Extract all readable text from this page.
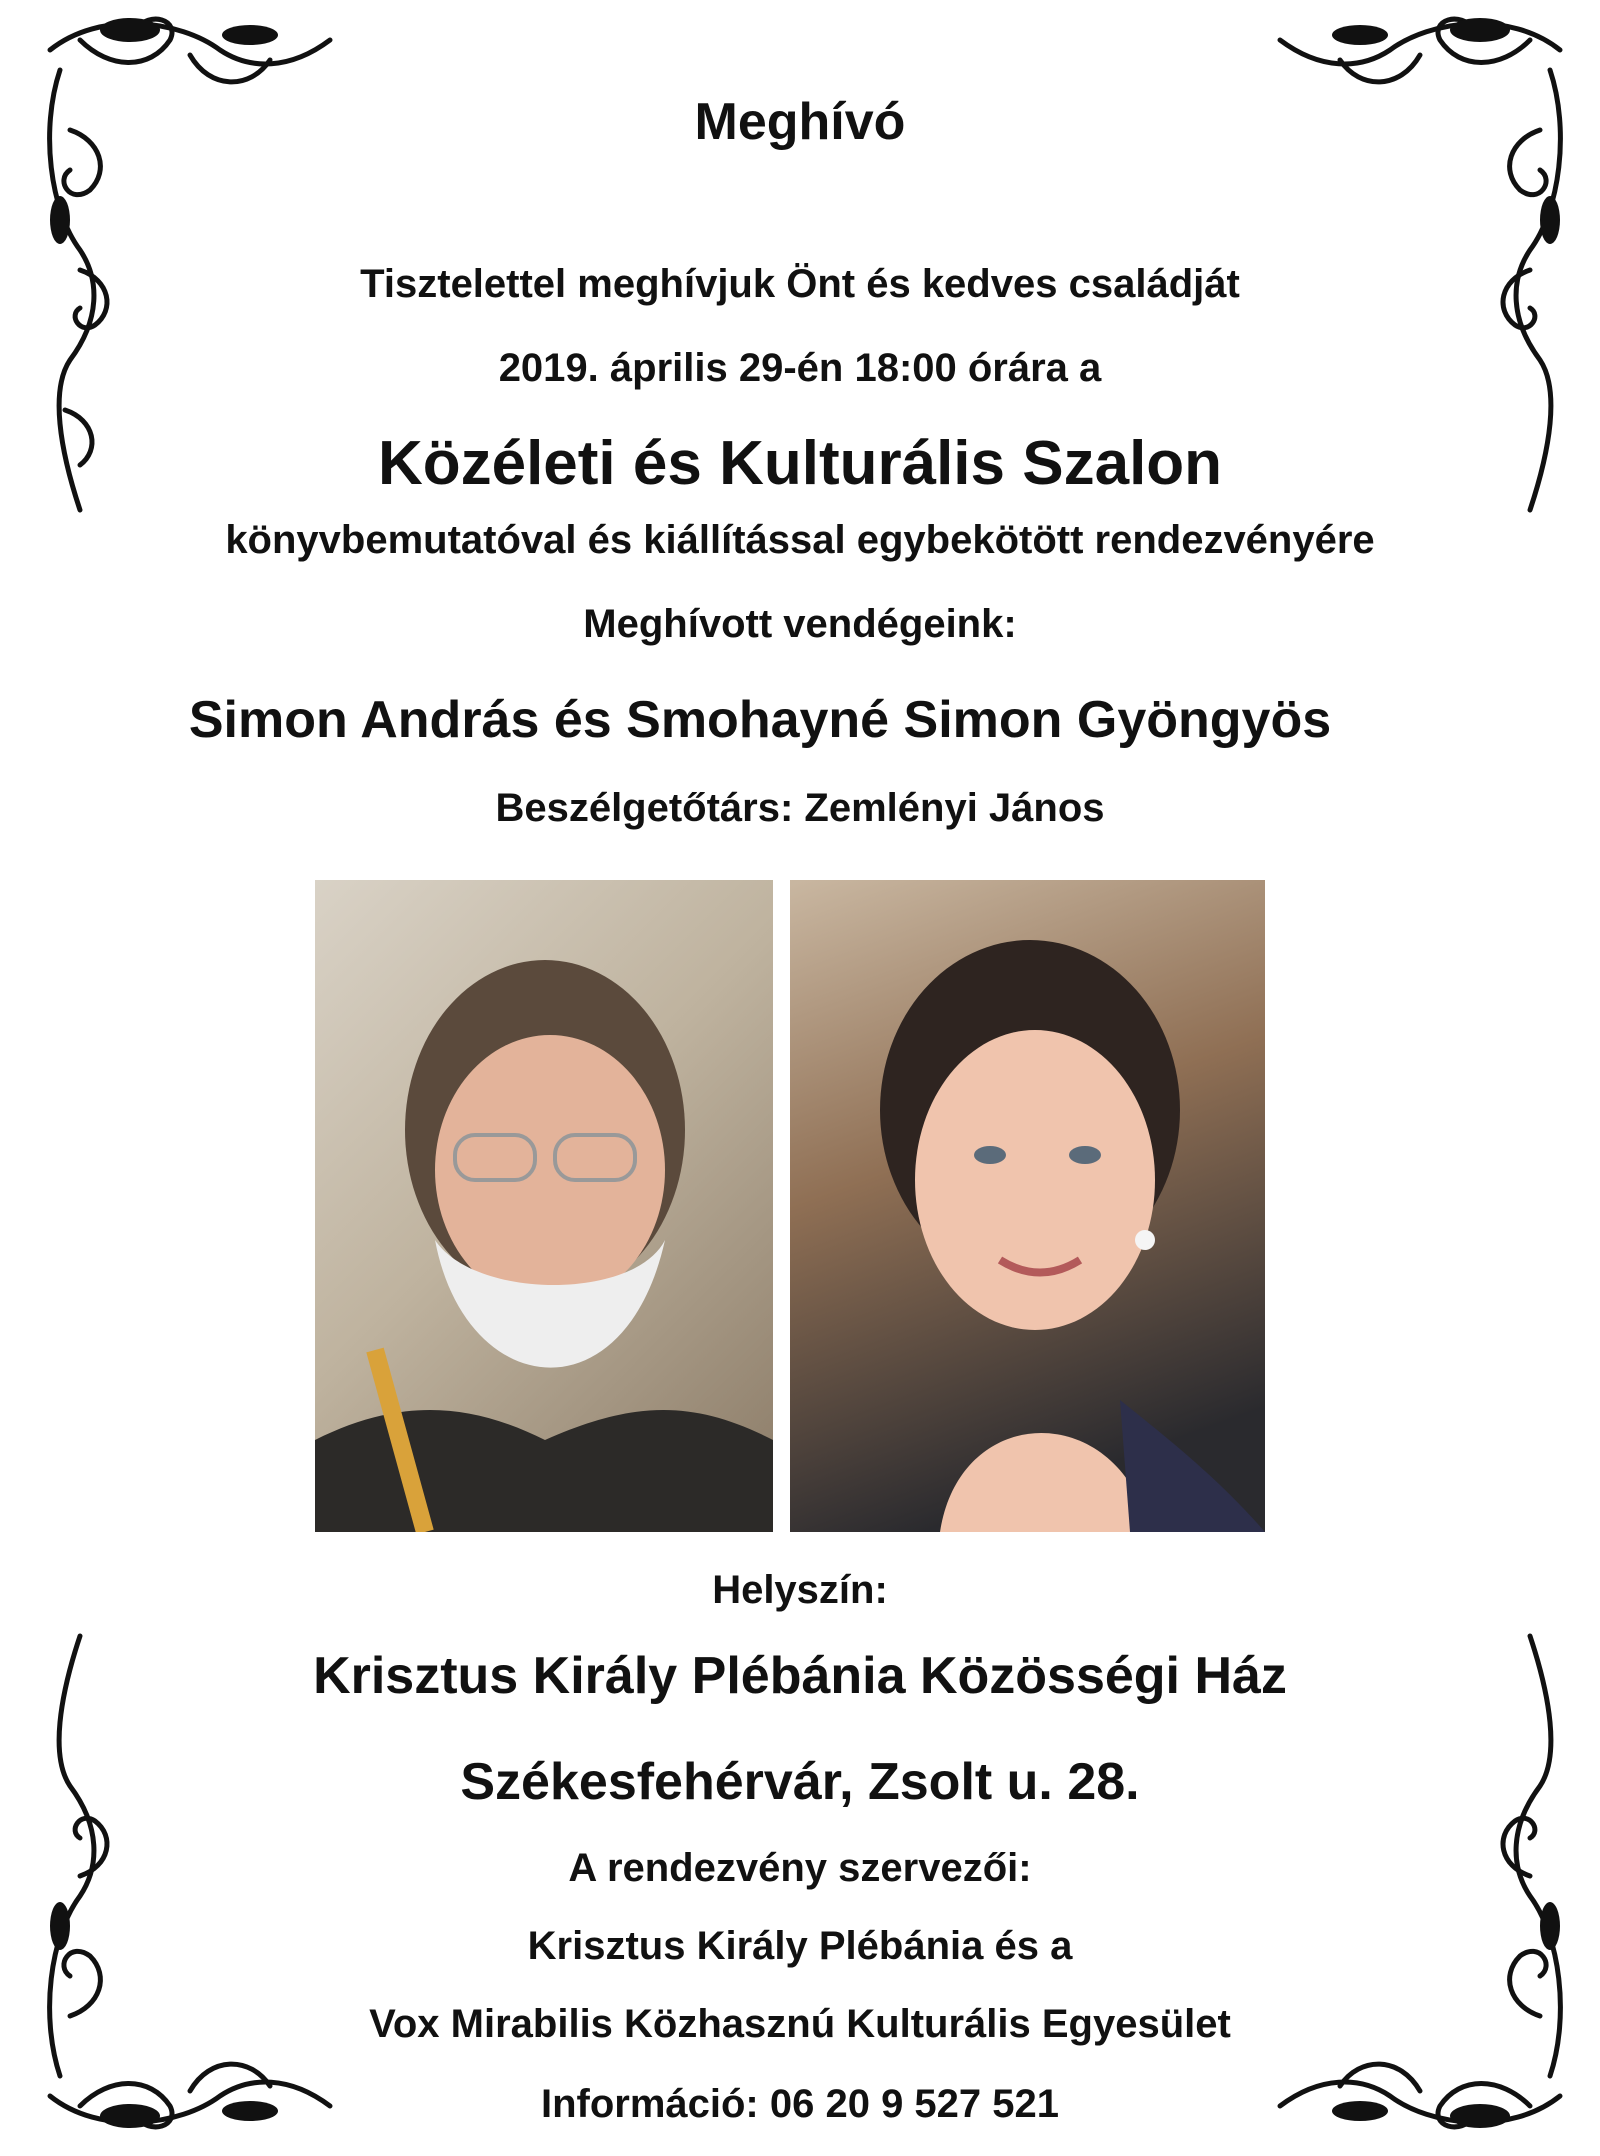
Meghívó
Tisztelettel meghívjuk Önt és kedves családját
2019. április 29-én 18:00 órára a
Közéleti és Kulturális Szalon
könyvbemutatóval és kiállítással egybekötött rendezvényére
Meghívott vendégeink:
Simon András és Smohayné Simon Gyöngyös
Beszélgetőtárs: Zemlényi János
Helyszín:
Krisztus Király Plébánia Közösségi Ház
Székesfehérvár, Zsolt u. 28.
A rendezvény szervezői:
Krisztus Király Plébánia és a
Vox Mirabilis Közhasznú Kulturális Egyesület
Információ: 06 20 9 527 521
